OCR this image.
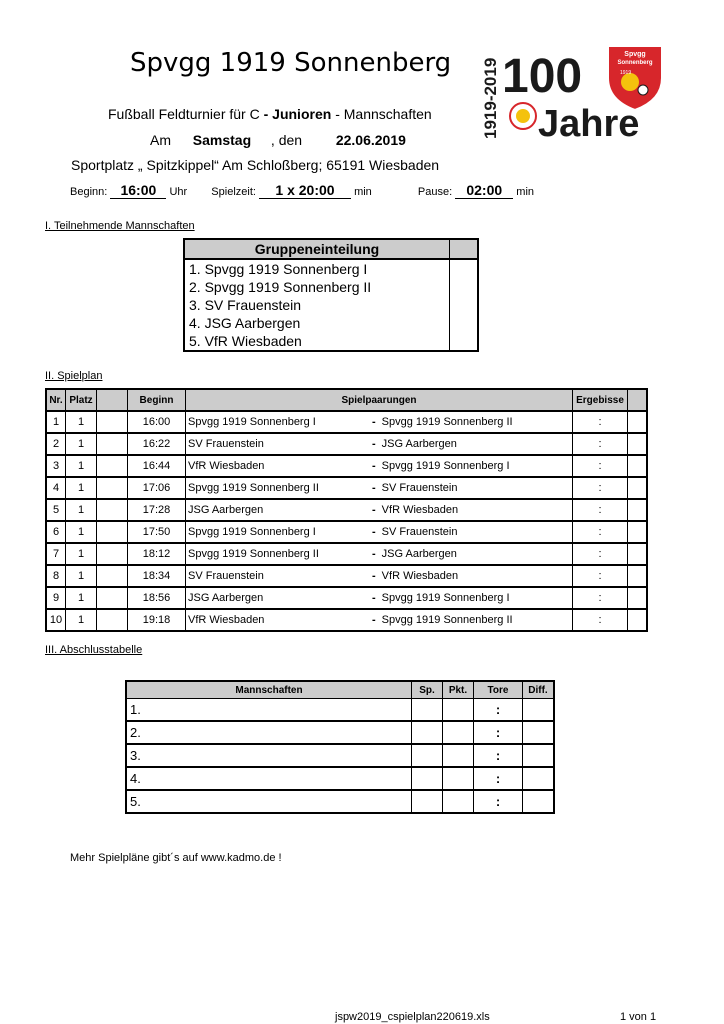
Spvgg 1919 Sonnenberg
Fußball Feldturnier für C - Junioren - Mannschaften
Am Samstag , den 22.06.2019
Sportplatz „ Spitzkippel“ Am Schloßberg; 65191 Wiesbaden
Beginn: 16:00 Uhr Spielzeit: 1 x 20:00 min	Pause: 02:00 min
1919-2019 100
Jahre
Spvgg
Sonnenberg
1919
I. Teilnehmende Mannschaften
Gruppeneinteilung	
1. Spvgg 1919 Sonnenberg I	
2. Spvgg 1919 Sonnenberg II	
3. SV Frauenstein	
4. JSG Aarbergen	
5. VfR Wiesbaden	
II. Spielplan
Nr.	Platz		Beginn	Spielpaarungen		Ergebisse	
1	1		16:00	Spvgg 1919 Sonnenberg I	- Spvgg 1919 Sonnenberg II	:	
2	1		16:22	SV Frauenstein	- JSG Aarbergen	:	
3	1		16:44	VfR Wiesbaden	- Spvgg 1919 Sonnenberg I	:	
4	1		17:06	Spvgg 1919 Sonnenberg II	- SV Frauenstein	:	
5	1		17:28	JSG Aarbergen	- VfR Wiesbaden	:	
6	1		17:50	Spvgg 1919 Sonnenberg I	- SV Frauenstein	:	
7	1		18:12	Spvgg 1919 Sonnenberg II	- JSG Aarbergen	:	
8	1		18:34	SV Frauenstein	- VfR Wiesbaden	:	
9	1		18:56	JSG Aarbergen	- Spvgg 1919 Sonnenberg I	:	
10	1		19:18	VfR Wiesbaden	- Spvgg 1919 Sonnenberg II	:	
III. Abschlusstabelle
Mannschaften	Sp.	Pkt.	Tore	Diff.
1.			:	
2.			:	
3.			:	
4.			:	
5.			:	
Mehr Spielpläne gibt´s auf www.kadmo.de !
jspw2019_cspielplan220619.xls	1 von 1
